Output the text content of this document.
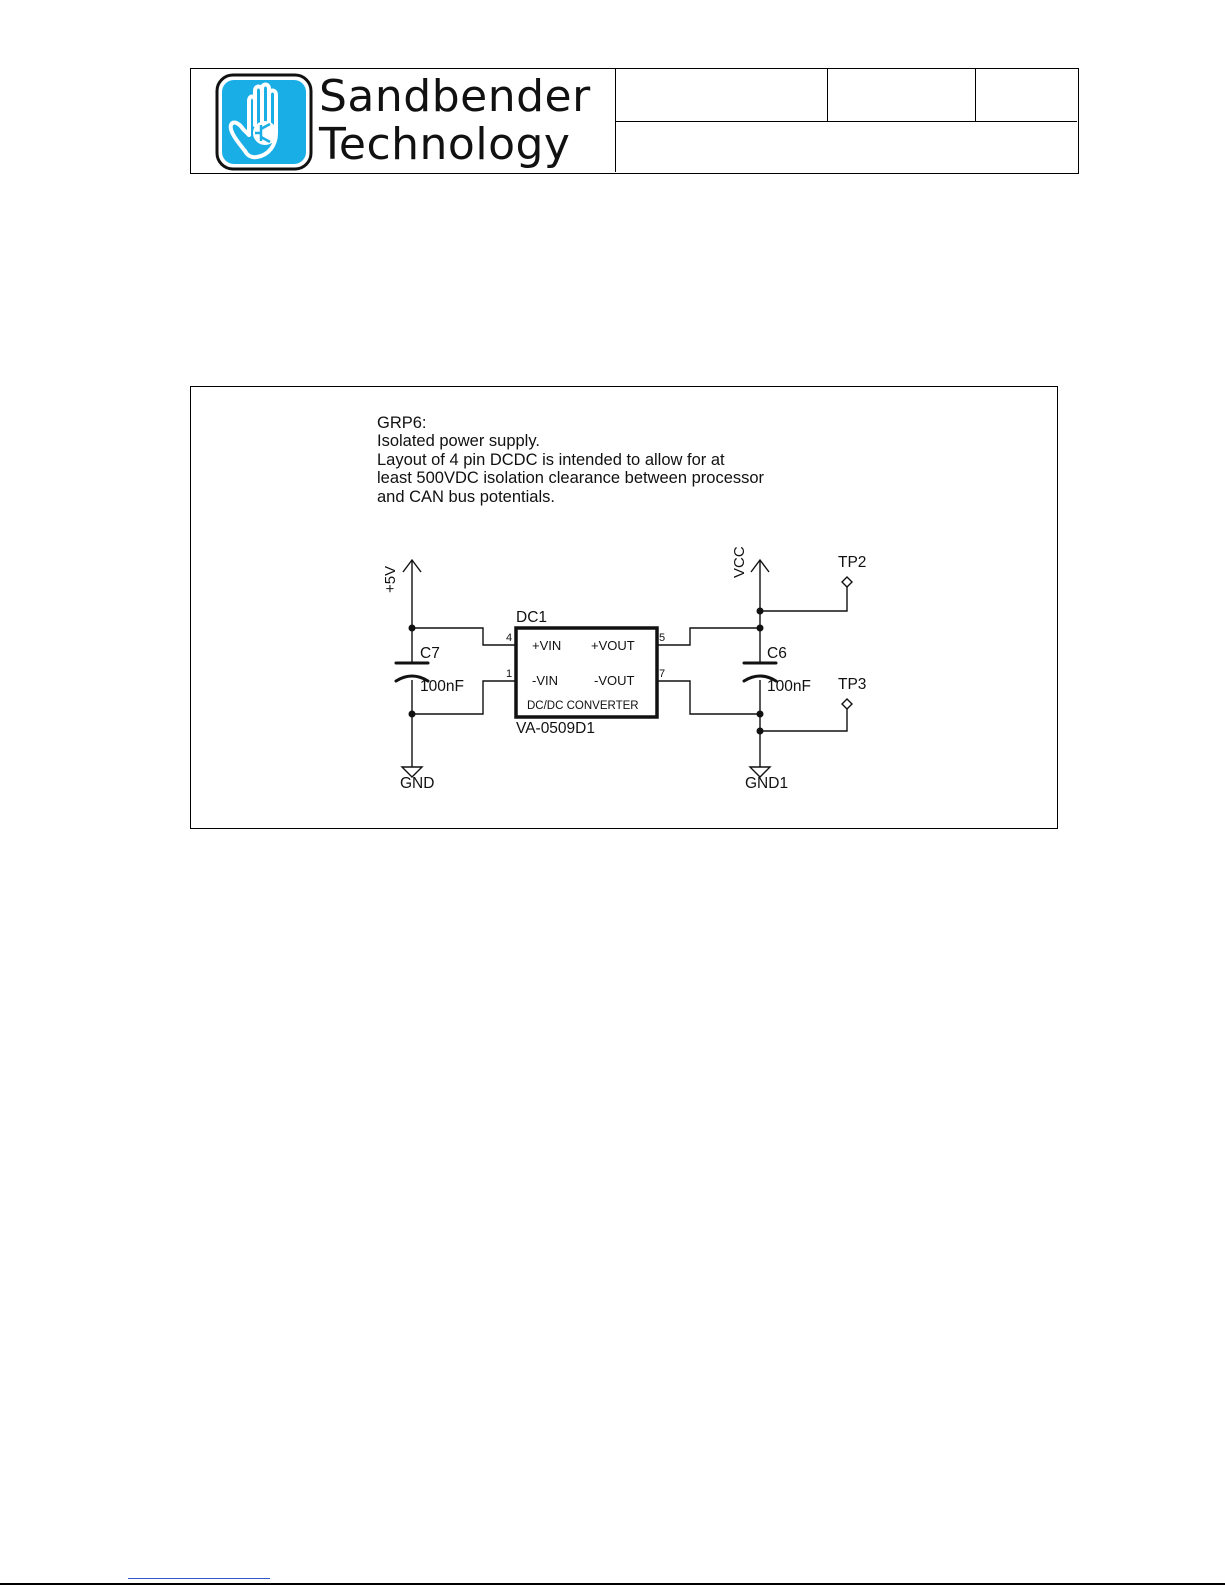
Sandbender
Technology
GRP6:
Isolated power supply.
Layout of 4 pin DCDC is intended to allow for at
least 500VDC isolation clearance between processor
and CAN bus potentials.
+5V
VCC
GND	GND1
TP2
TP3
C7
100nF
C6
100nF
DC1
VA-0509D1
DC/DC CONVERTER
+VIN
-VIN
+VOUT
-VOUT
4
1
5
7
